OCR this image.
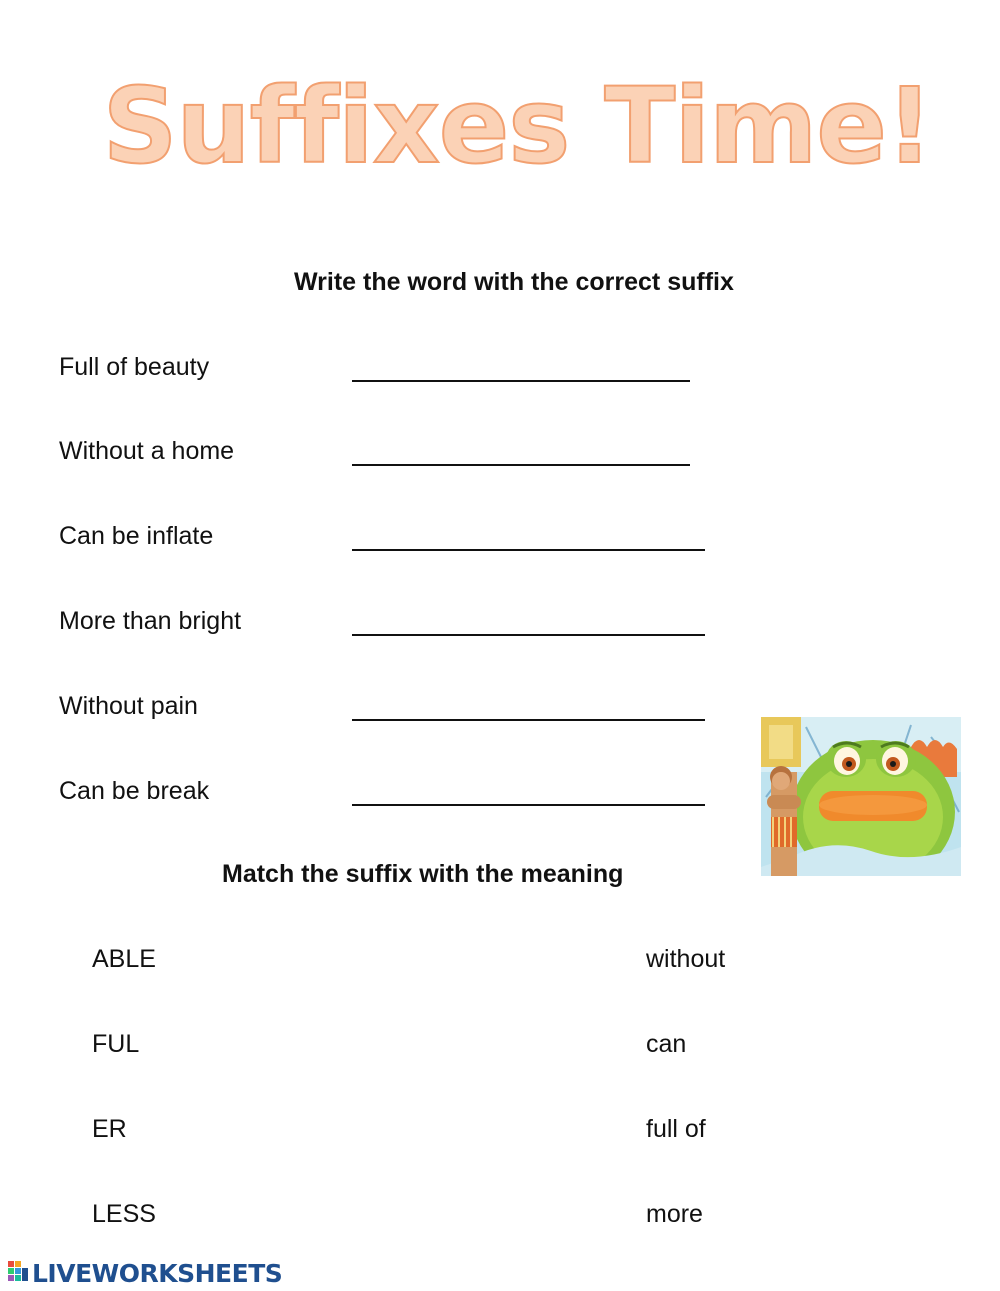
Suffixes Time!
Write the word with the correct suffix
Full of beauty
Without a home
Can be inflate
More than bright
Without pain
Can be break
Match the suffix with the meaning
ABLE
FUL
ER
LESS
without
can
full of
more
LIVEWORKSHEETS
